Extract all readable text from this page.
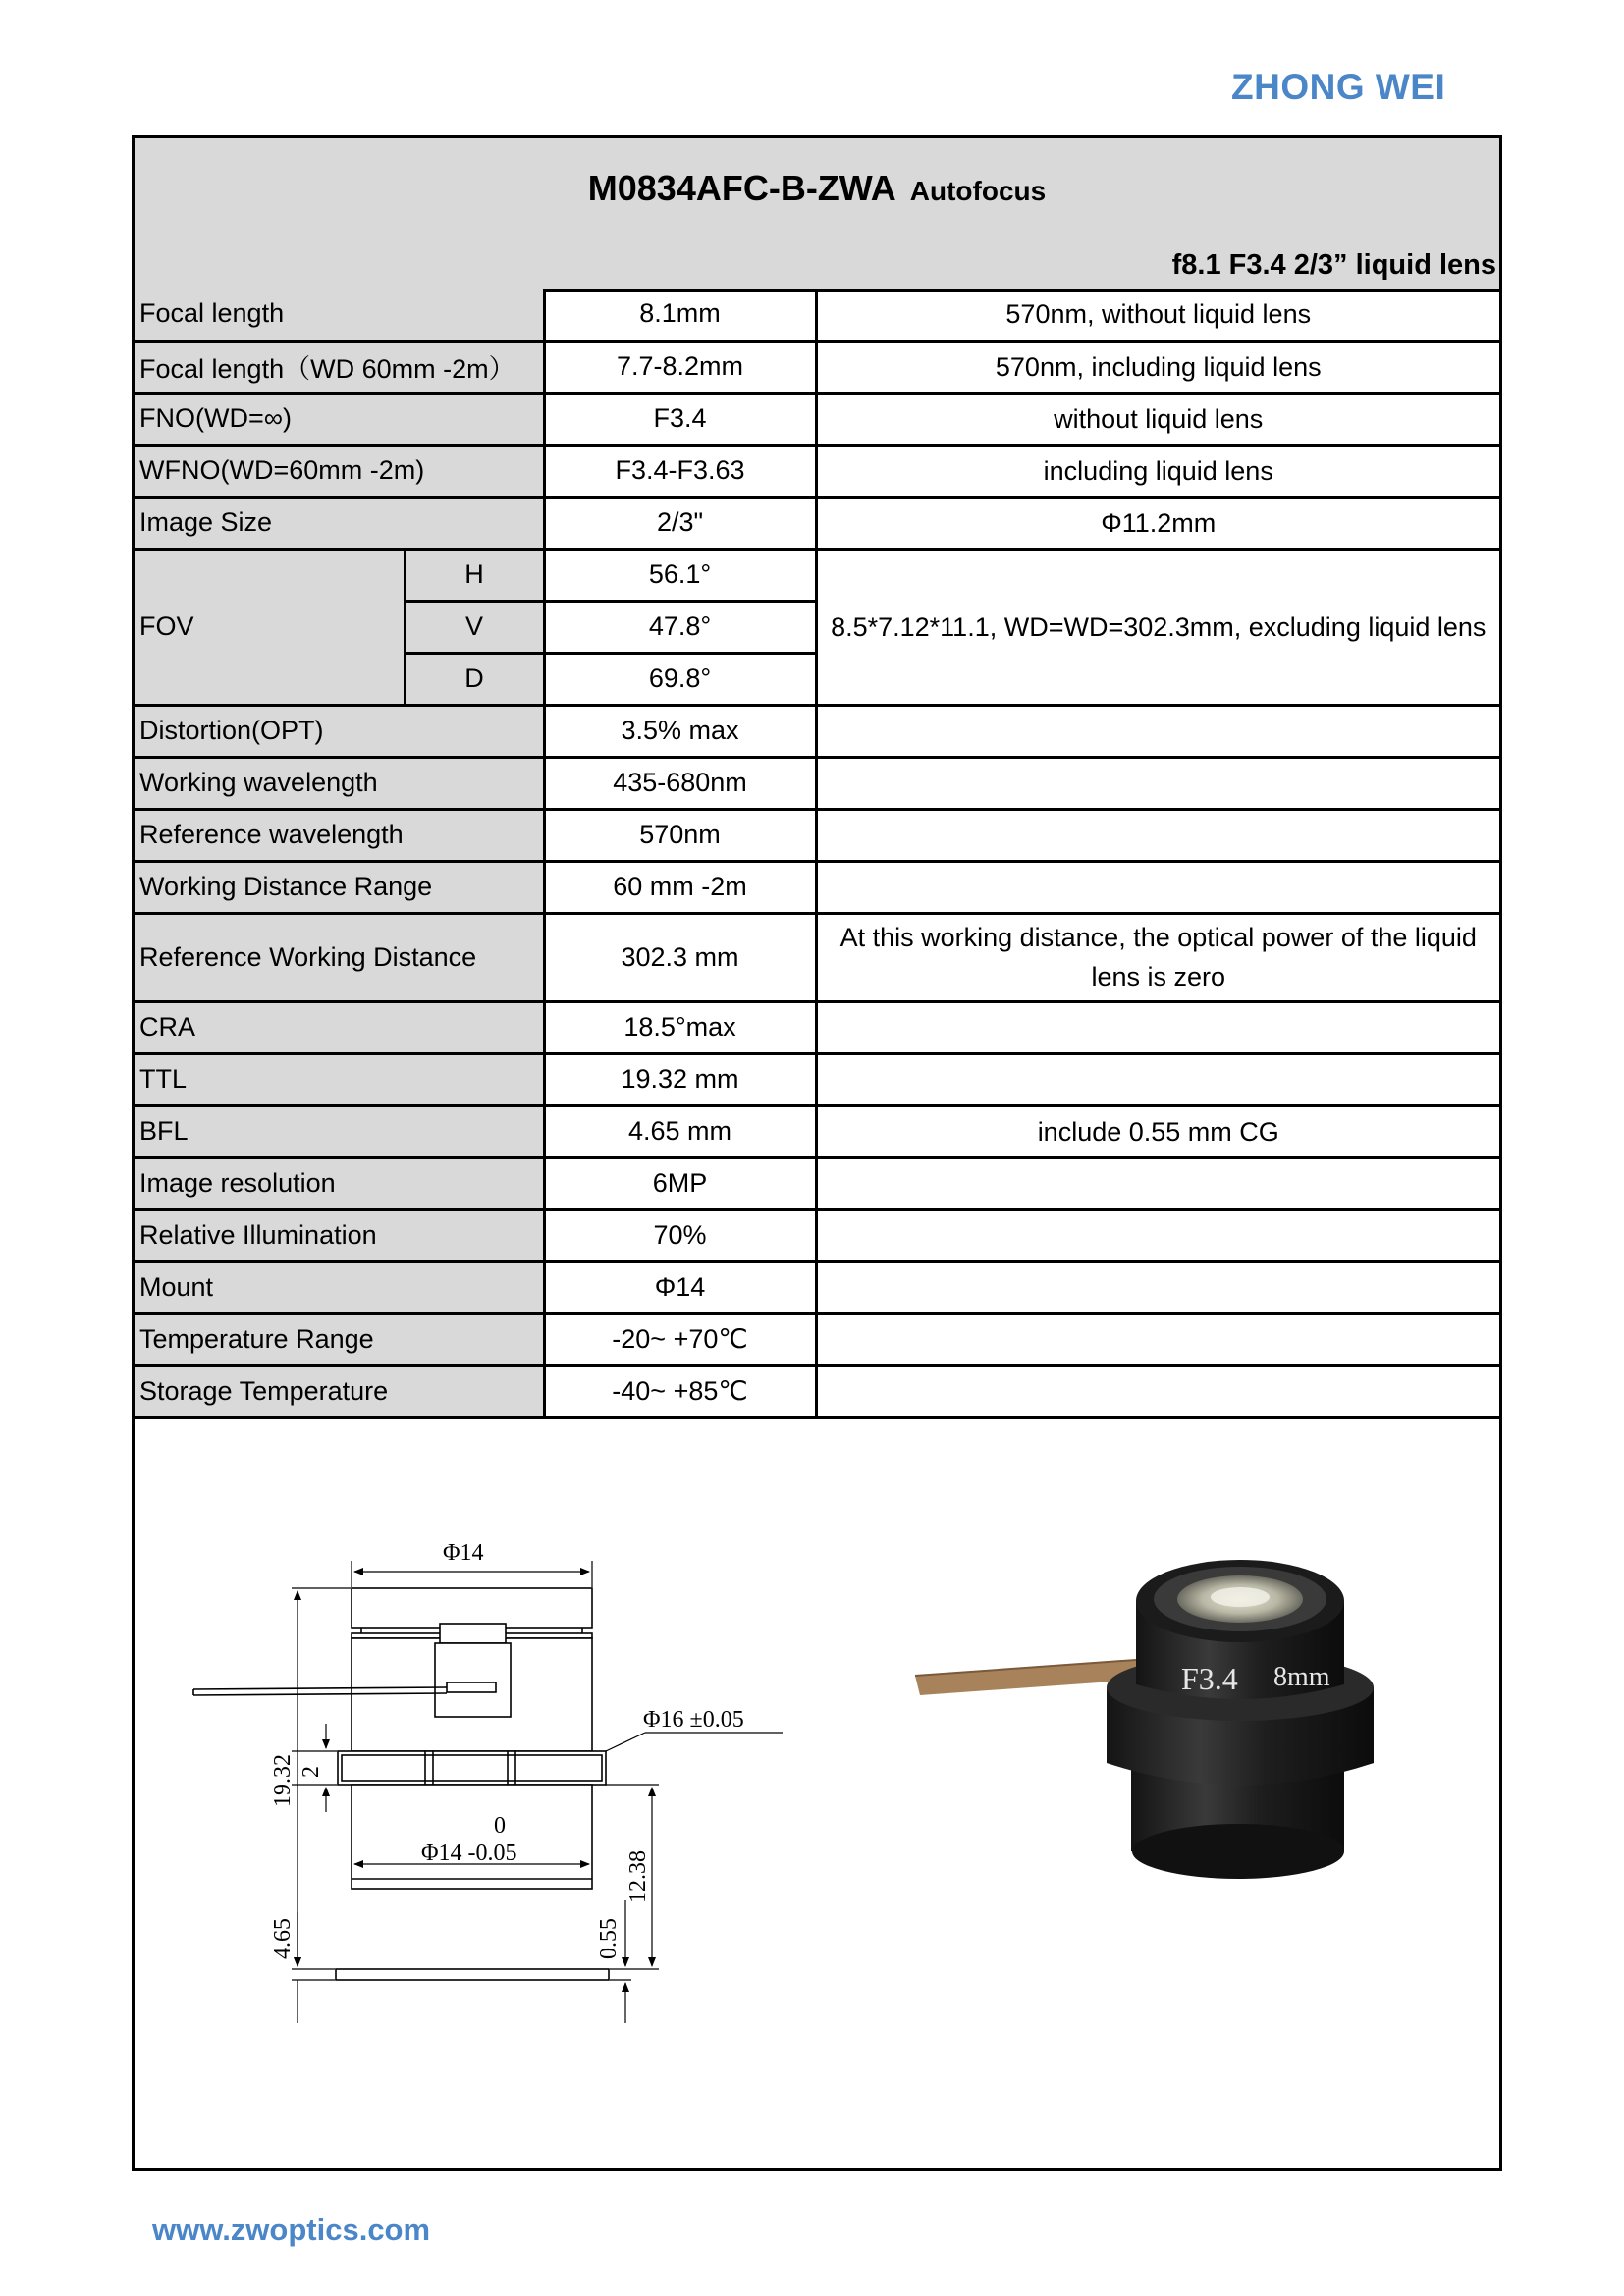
ZHONG WEI
M0834AFC-B-ZWA Autofocus
f8.1 F3.4 2/3” liquid lens
Focal length		8.1mm	570nm, without liquid lens
Focal length（WD 60mm -2m）		7.7-8.2mm	570nm, including liquid lens
FNO(WD=∞)		F3.4	without liquid lens
WFNO(WD=60mm -2m)		F3.4-F3.63	including liquid lens
Image Size		2/3"	Φ11.2mm
FOV	H	56.1°	8.5*7.12*11.1, WD=WD=302.3mm, excluding liquid lens
	V	47.8°	
	D	69.8°	
Distortion(OPT)		3.5% max	
Working wavelength		435-680nm	
Reference wavelength		570nm	
Working Distance Range		60 mm -2m	
Reference Working Distance		302.3 mm	At this working distance, the optical power of the liquid lens is zero
CRA		18.5°max	
TTL		19.32 mm	
BFL		4.65 mm	include 0.55 mm CG
Image resolution		6MP	
Relative Illumination		70%	
Mount		Φ14	
Temperature Range		-20~ +70℃	
Storage Temperature		-40~ +85℃	
Φ14
Φ16 ±0.05
0
Φ14 -0.05
19.32 2
12.38
0.55
4.65
F3.4 8mm
www.zwoptics.com
